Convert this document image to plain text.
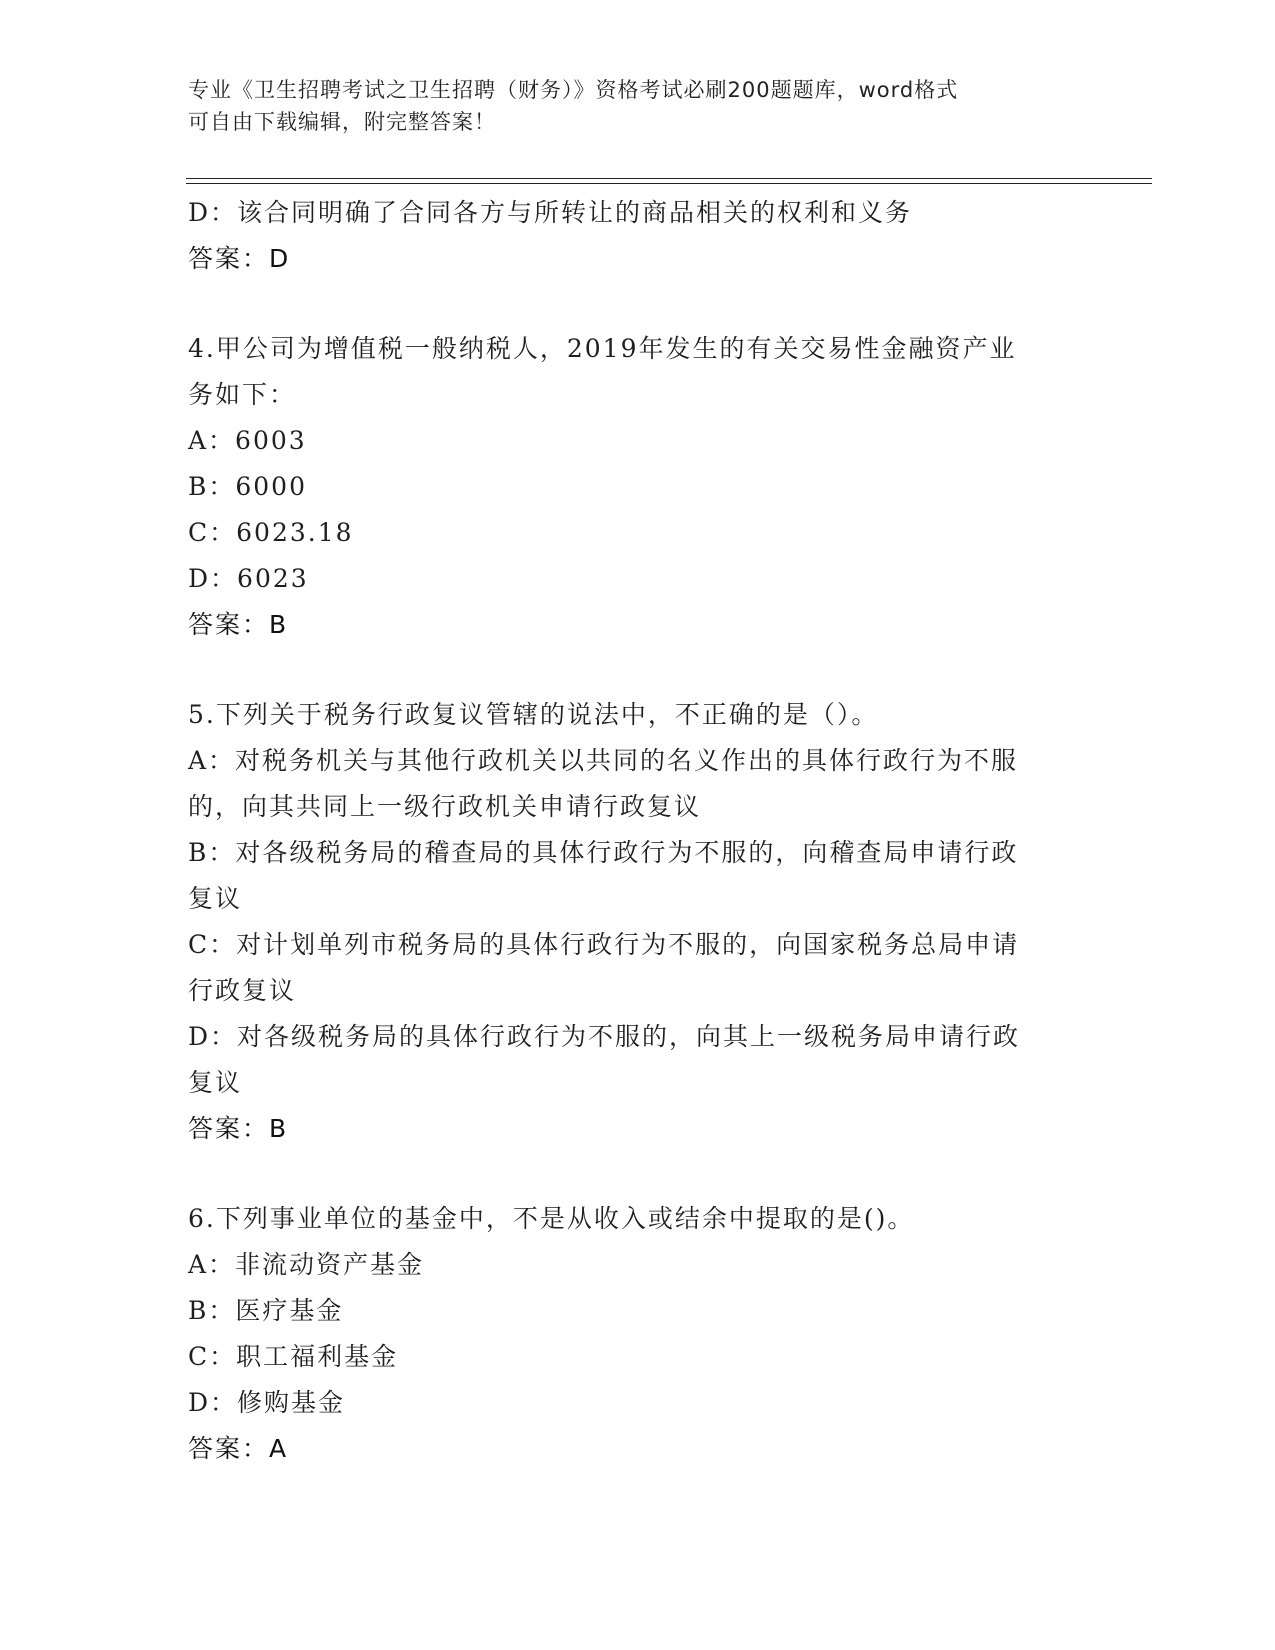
专业《卫生招聘考试之卫生招聘（财务）》资格考试必刷200题题库，word格式
可自由下载编辑，附完整答案！
D：该合同明确了合同各方与所转让的商品相关的权利和义务
答案：D
4.甲公司为增值税一般纳税人，2019年发生的有关交易性金融资产业
务如下：
A：6003
B：6000
C：6023.18
D：6023
答案：B
5.下列关于税务行政复议管辖的说法中，不正确的是（）。
A：对税务机关与其他行政机关以共同的名义作出的具体行政行为不服
的，向其共同上一级行政机关申请行政复议
B：对各级税务局的稽查局的具体行政行为不服的，向稽查局申请行政
复议
C：对计划单列市税务局的具体行政行为不服的，向国家税务总局申请
行政复议
D：对各级税务局的具体行政行为不服的，向其上一级税务局申请行政
复议
答案：B
6.下列事业单位的基金中，不是从收入或结余中提取的是()。
A：非流动资产基金
B：医疗基金
C：职工福利基金
D：修购基金
答案：A
